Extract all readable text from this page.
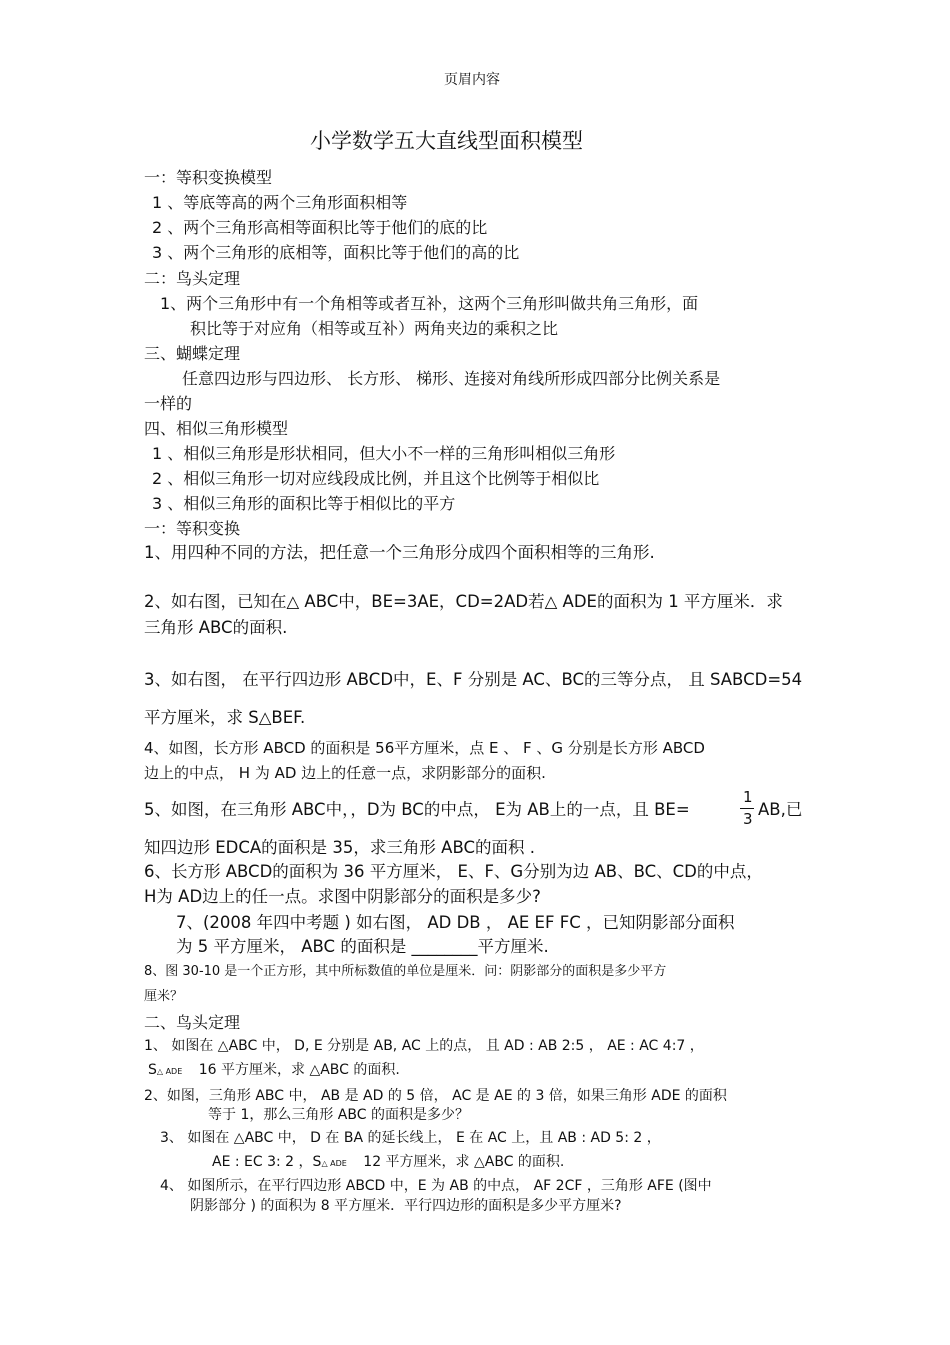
页眉内容
小学数学五大直线型面积模型
一：等积变换模型
1 、等底等高的两个三角形面积相等
2 、两个三角形高相等面积比等于他们的底的比
3 、两个三角形的底相等，面积比等于他们的高的比
二：鸟头定理
1、两个三角形中有一个角相等或者互补，这两个三角形叫做共角三角形，面
积比等于对应角（相等或互补）两角夹边的乘积之比
三、蝴蝶定理
任意四边形与四边形、 长方形、 梯形、连接对角线所形成四部分比例关系是
一样的
四、相似三角形模型
1 、相似三角形是形状相同，但大小不一样的三角形叫相似三角形
2 、相似三角形一切对应线段成比例，并且这个比例等于相似比
3 、相似三角形的面积比等于相似比的平方
一：等积变换
1、用四种不同的方法，把任意一个三角形分成四个面积相等的三角形.
2、如右图，已知在△ ABC中，BE=3AE，CD=2AD若△ ADE的面积为 1 平方厘米．求
三角形 ABC的面积.
3、如右图， 在平行四边形 ABCD中，E、F 分别是 AC、BC的三等分点， 且 SABCD=54
平方厘米，求 S△BEF.
4、如图，长方形 ABCD 的面积是 56平方厘米，点 E 、 F 、G 分别是长方形 ABCD
边上的中点， H 为 AD 边上的任意一点，求阴影部分的面积.
5、如图，在三角形 ABC中，，D为 BC的中点， E为 AB上的一点，且 BE=
1
3 AB,已
知四边形 EDCA的面积是 35，求三角形 ABC的面积 .
6、长方形 ABCD的面积为 36 平方厘米， E、F、G分别为边 AB、BC、CD的中点，
H为 AD边上的任一点。求图中阴影部分的面积是多少?
7、(2008 年四中考题 ) 如右图， AD DB ， AE EF FC ，已知阴影部分面积
为 5 平方厘米， ABC 的面积是 ________平方厘米.
8、图 30-10 是一个正方形，其中所标数值的单位是厘米．问：阴影部分的面积是多少平方
厘米？
二、鸟头定理
1、 如图在 △ABC 中， D, E 分别是 AB, AC 上的点， 且 AD : AB 2:5 ， AE : AC 4:7 ，
S△ ADE 16 平方厘米，求 △ABC 的面积.
2、如图，三角形 ABC 中， AB 是 AD 的 5 倍， AC 是 AE 的 3 倍，如果三角形 ADE 的面积
等于 1，那么三角形 ABC 的面积是多少？
3、 如图在 △ABC 中， D 在 BA 的延长线上， E 在 AC 上，且 AB : AD 5: 2 ，
AE : EC 3: 2 ，S△ ADE 12 平方厘米，求 △ABC 的面积.
4、 如图所示，在平行四边形 ABCD 中，E 为 AB 的中点， AF 2CF ，三角形 AFE (图中
阴影部分 ) 的面积为 8 平方厘米．平行四边形的面积是多少平方厘米?
